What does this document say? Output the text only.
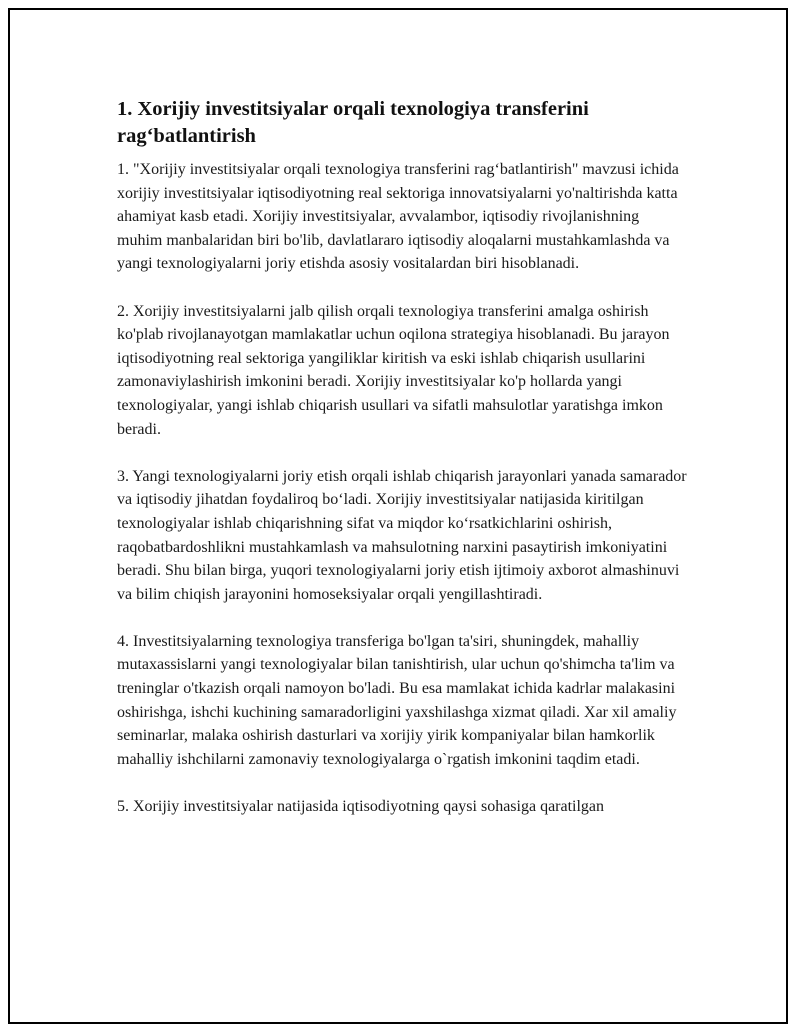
1. Xorijiy investitsiyalar orqali texnologiya transferini rag‘batlantirish

1. "Xorijiy investitsiyalar orqali texnologiya transferini rag‘batlantirish" mavzusi ichida xorijiy investitsiyalar iqtisodiyotning real sektoriga innovatsiyalarni yo'naltirishda katta ahamiyat kasb etadi. Xorijiy investitsiyalar, avvalambor, iqtisodiy rivojlanishning muhim manbalaridan biri bo'lib, davlatlararo iqtisodiy aloqalarni mustahkamlashda va yangi texnologiyalarni joriy etishda asosiy vositalardan biri hisoblanadi.

2. Xorijiy investitsiyalarni jalb qilish orqali texnologiya transferini amalga oshirish ko'plab rivojlanayotgan mamlakatlar uchun oqilona strategiya hisoblanadi. Bu jarayon iqtisodiyotning real sektoriga yangiliklar kiritish va eski ishlab chiqarish usullarini zamonaviylashirish imkonini beradi. Xorijiy investitsiyalar ko'p hollarda yangi texnologiyalar, yangi ishlab chiqarish usullari va sifatli mahsulotlar yaratishga imkon beradi.

3. Yangi texnologiyalarni joriy etish orqali ishlab chiqarish jarayonlari yanada samarador va iqtisodiy jihatdan foydaliroq bo‘ladi. Xorijiy investitsiyalar natijasida kiritilgan texnologiyalar ishlab chiqarishning sifat va miqdor ko‘rsatkichlarini oshirish, raqobatbardoshlikni mustahkamlash va mahsulotning narxini pasaytirish imkoniyatini beradi. Shu bilan birga, yuqori texnologiyalarni joriy etish ijtimoiy axborot almashinuvi va bilim chiqish jarayonini homoseksiyalar orqali yengillashtiradi.

4. Investitsiyalarning texnologiya transferiga bo'lgan ta'siri, shuningdek, mahalliy mutaxassislarni yangi texnologiyalar bilan tanishtirish, ular uchun qo'shimcha ta'lim va treninglar o'tkazish orqali namoyon bo'ladi. Bu esa mamlakat ichida kadrlar malakasini oshirishga, ishchi kuchining samaradorligini yaxshilashga xizmat qiladi. Xar xil amaliy seminarlar, malaka oshirish dasturlari va xorijiy yirik kompaniyalar bilan hamkorlik mahalliy ishchilarni zamonaviy texnologiyalarga o`rgatish imkonini taqdim etadi.

5. Xorijiy investitsiyalar natijasida iqtisodiyotning qaysi sohasiga qaratilgan
